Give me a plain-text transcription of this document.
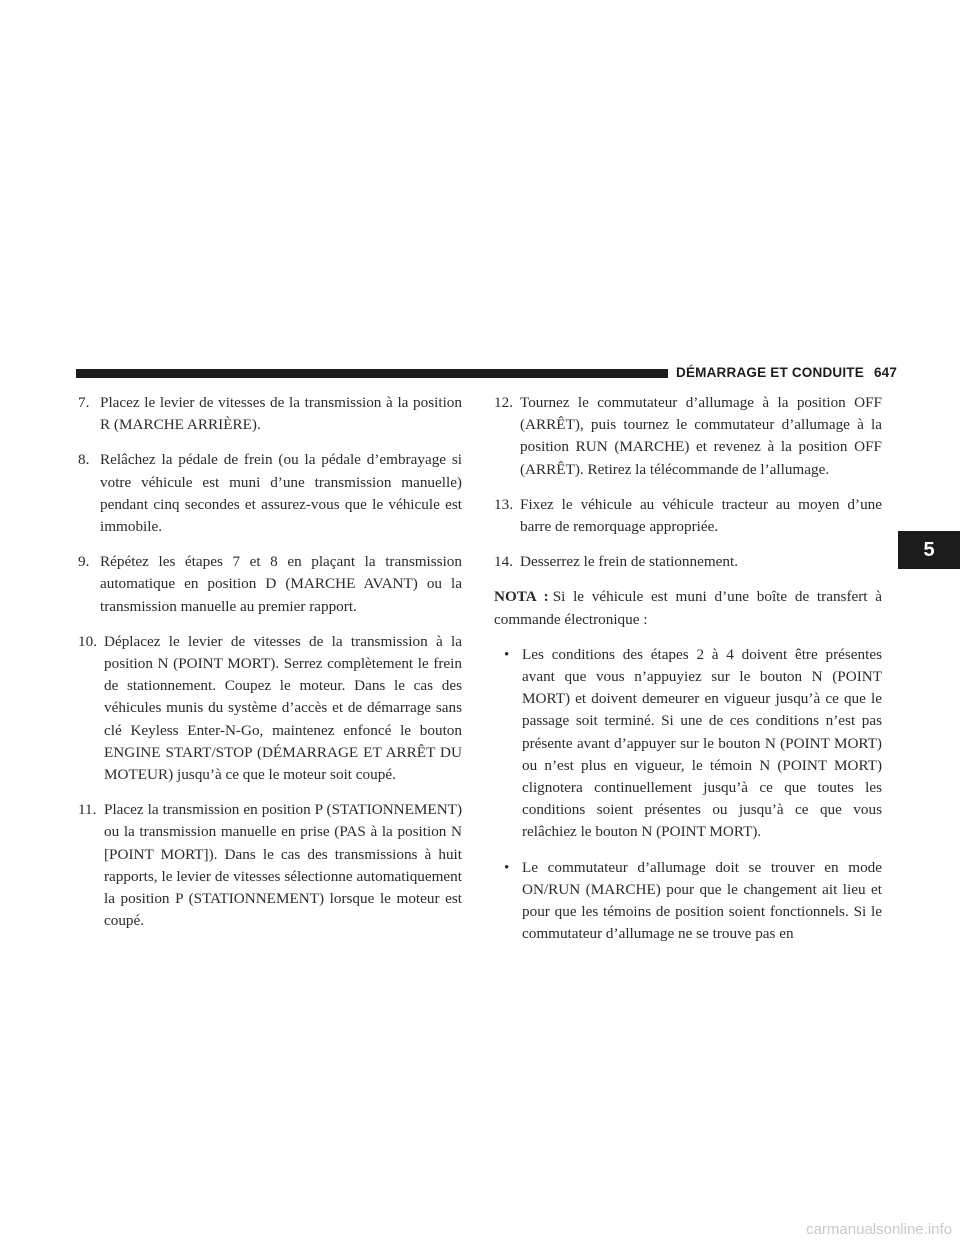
DÉMARRAGE ET CONDUITE 647
5
7. Placez le levier de vitesses de la transmission à la position R (MARCHE ARRIÈRE).
8. Relâchez la pédale de frein (ou la pédale d’embrayage si votre véhicule est muni d’une transmission manuelle) pendant cinq secondes et assurez-vous que le véhicule est immobile.
9. Répétez les étapes 7 et 8 en plaçant la transmission automatique en position D (MARCHE AVANT) ou la transmission manuelle au premier rapport.
10. Déplacez le levier de vitesses de la transmission à la position N (POINT MORT). Serrez complètement le frein de stationnement. Coupez le moteur. Dans le cas des véhicules munis du système d’accès et de démarrage sans clé Keyless Enter-N-Go, maintenez enfoncé le bouton ENGINE START/STOP (DÉMARRAGE ET ARRÊT DU MOTEUR) jusqu’à ce que le moteur soit coupé.
11. Placez la transmission en position P (STATIONNEMENT) ou la transmission manuelle en prise (PAS à la position N [POINT MORT]). Dans le cas des transmissions à huit rapports, le levier de vitesses sélectionne automatiquement la position P (STATIONNEMENT) lorsque le moteur est coupé.
12. Tournez le commutateur d’allumage à la position OFF (ARRÊT), puis tournez le commutateur d’allumage à la position RUN (MARCHE) et revenez à la position OFF (ARRÊT). Retirez la télécommande de l’allumage.
13. Fixez le véhicule au véhicule tracteur au moyen d’une barre de remorquage appropriée.
14. Desserrez le frein de stationnement.
NOTA : Si le véhicule est muni d’une boîte de transfert à commande électronique :
• Les conditions des étapes 2 à 4 doivent être présentes avant que vous n’appuyiez sur le bouton N (POINT MORT) et doivent demeurer en vigueur jusqu’à ce que le passage soit terminé. Si une de ces conditions n’est pas présente avant d’appuyer sur le bouton N (POINT MORT) ou n’est plus en vigueur, le témoin N (POINT MORT) clignotera continuellement jusqu’à ce que toutes les conditions soient présentes ou jusqu’à ce que vous relâchiez le bouton N (POINT MORT).
• Le commutateur d’allumage doit se trouver en mode ON/RUN (MARCHE) pour que le changement ait lieu et pour que les témoins de position soient fonctionnels. Si le commutateur d’allumage ne se trouve pas en
carmanualsonline.info
